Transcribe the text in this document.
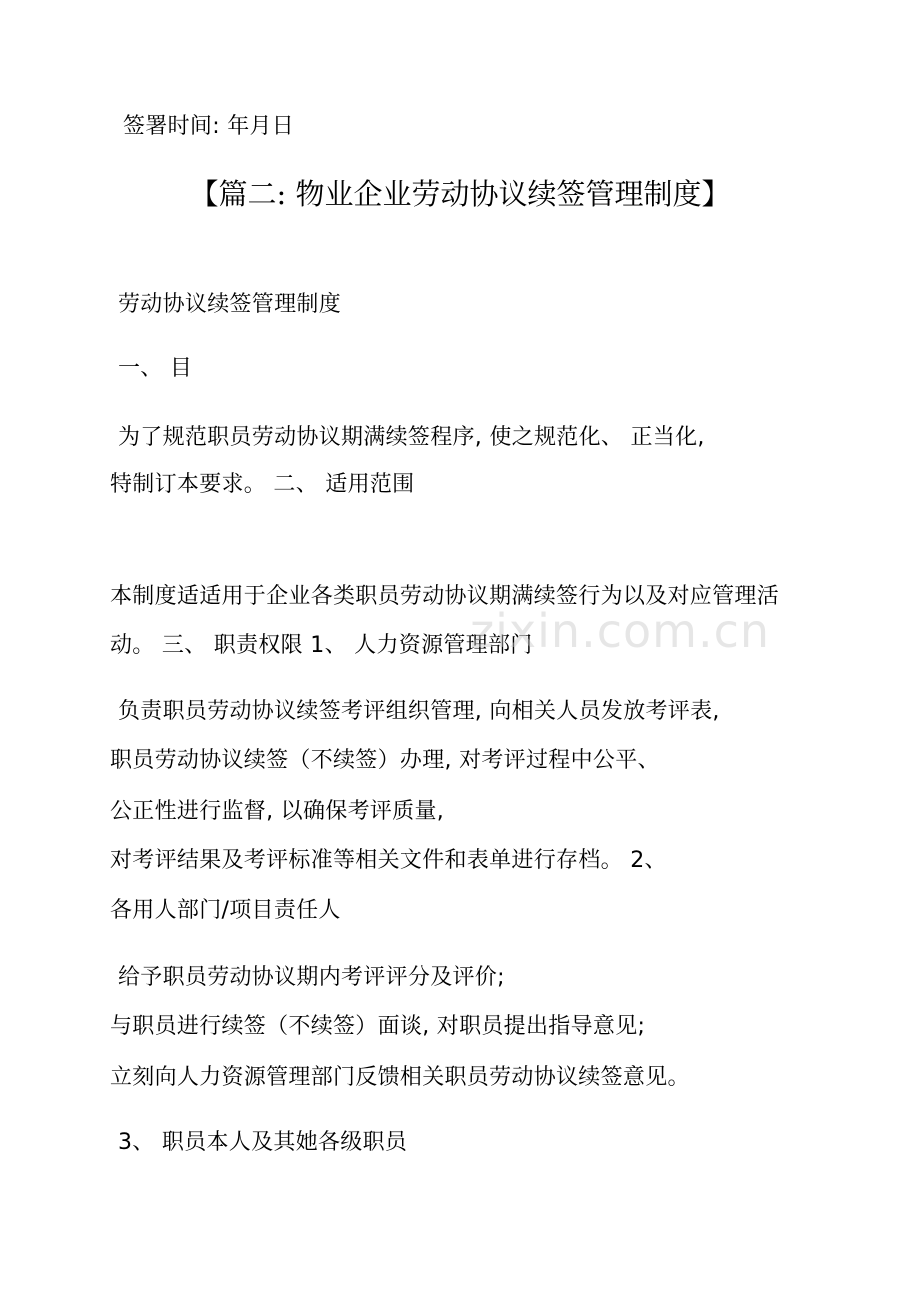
签署时间: 年月日
【篇二: 物业企业劳动协议续签管理制度】
劳动协议续签管理制度
一、 目
为了规范职员劳动协议期满续签程序, 使之规范化、 正当化,
特制订本要求。 二、 适用范围
本制度适适用于企业各类职员劳动协议期满续签行为以及对应管理活
动。 三、 职责权限 1、 人力资源管理部门
负责职员劳动协议续签考评组织管理, 向相关人员发放考评表,
职员劳动协议续签（不续签）办理, 对考评过程中公平、
公正性进行监督, 以确保考评质量,
对考评结果及考评标准等相关文件和表单进行存档。 2、
各用人部门/项目责任人
给予职员劳动协议期内考评评分及评价;
与职员进行续签（不续签）面谈, 对职员提出指导意见;
立刻向人力资源管理部门反馈相关职员劳动协议续签意见。
3、 职员本人及其她各级职员
zixin.com.cn
